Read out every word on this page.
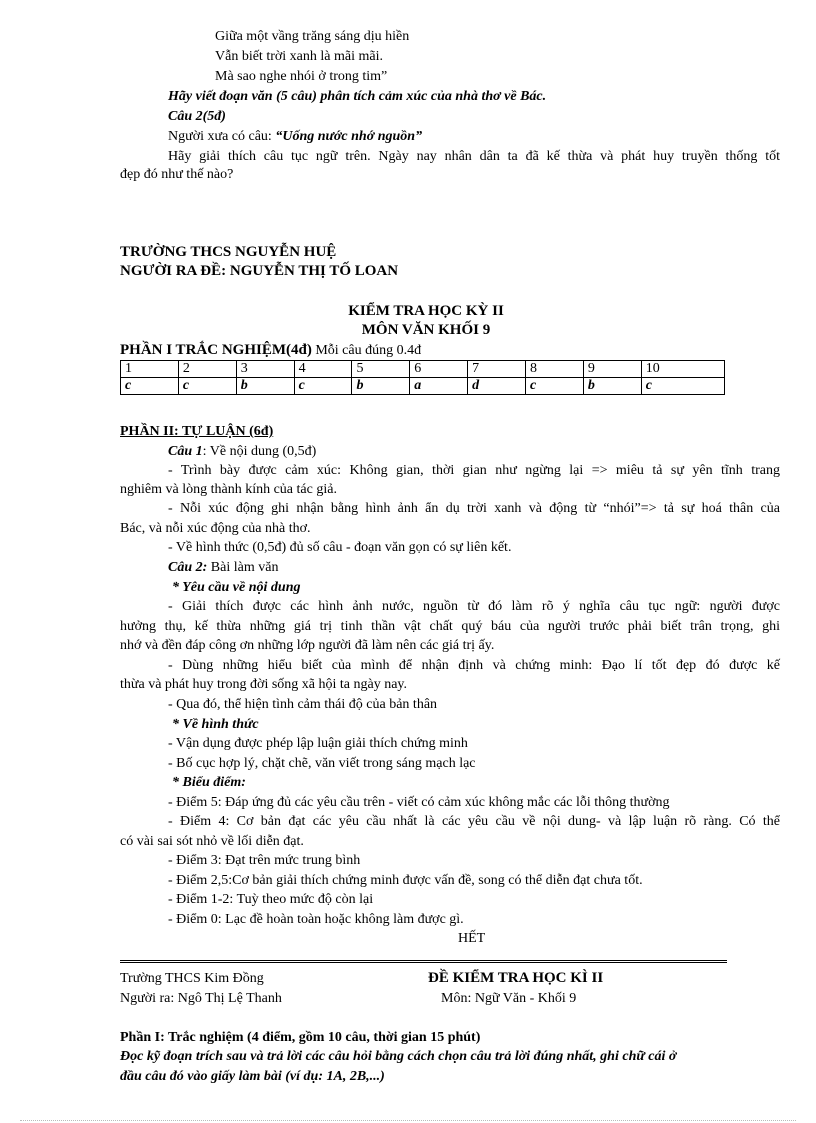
Giữa một vầng trăng sáng dịu hiền
Vẫn biết trời xanh là mãi mãi.
Mà sao nghe nhói ở trong tim”
Hãy viết đoạn văn (5 câu) phân tích cảm xúc của nhà thơ về Bác.
Câu 2(5đ)
Người xưa có câu: “Uống nước nhớ nguồn”
Hãy giải thích câu tục ngữ trên. Ngày nay nhân dân ta đã kế thừa và phát huy truyền thống tốt
đẹp đó như thế nào?
TRƯỜNG THCS NGUYỄN HUỆ
NGƯỜI RA ĐỀ: NGUYỄN THỊ TỐ LOAN
KIỂM TRA HỌC KỲ II
MÔN VĂN KHỐI 9
PHẦN I TRẮC NGHIỆM(4đ) Mỗi câu đúng 0.4đ
1	2	3	4	5	6	7	8	9	10
c	c	b	c	b	a	d	c	b	c
PHẦN II: TỰ LUẬN (6đ)
Câu 1: Về nội dung (0,5đ)
- Trình bày được cảm xúc: Không gian, thời gian như ngừng lại => miêu tả sự yên tĩnh trang
nghiêm và lòng thành kính của tác giả.
- Nỗi xúc động ghi nhận bằng hình ảnh ẩn dụ trời xanh và động từ “nhói”=> tả sự hoá thân của
Bác, và nỗi xúc động của nhà thơ.
- Về hình thức (0,5đ) đủ số câu - đoạn văn gọn có sự liên kết.
Câu 2: Bài làm văn
* Yêu cầu về nội dung
- Giải thích được các hình ảnh nước, nguồn từ đó làm rõ ý nghĩa câu tục ngữ: người được
hưởng thụ, kế thừa những giá trị tinh thần vật chất quý báu của người trước phải biết trân trọng, ghi
nhớ và đền đáp công ơn những lớp người đã làm nên các giá trị ấy.
- Dùng những hiểu biết của mình để nhận định và chứng minh: Đạo lí tốt đẹp đó được kế
thừa và phát huy trong đời sống xã hội ta ngày nay.
- Qua đó, thể hiện tình cảm thái độ của bản thân
* Về hình thức
- Vận dụng được phép lập luận giải thích chứng minh
- Bố cục hợp lý, chặt chẽ, văn viết trong sáng mạch lạc
* Biểu điểm:
- Điểm 5: Đáp ứng đủ các yêu cầu trên - viết có cảm xúc không mắc các lỗi thông thường
- Điểm 4: Cơ bản đạt các yêu cầu nhất là các yêu cầu về nội dung- và lập luận rõ ràng. Có thể
có vài sai sót nhỏ về lối diễn đạt.
- Điểm 3: Đạt trên mức trung bình
- Điểm 2,5:Cơ bản giải thích chứng minh được vấn đề, song có thể diễn đạt chưa tốt.
- Điểm 1-2: Tuỳ theo mức độ còn lại
- Điểm 0: Lạc đề hoàn toàn hoặc không làm được gì.
HẾT
Trường THCS Kim Đồng	ĐỀ KIỂM TRA HỌC KÌ II
Người ra: Ngô Thị Lệ Thanh	Môn: Ngữ Văn - Khối 9
Phần I: Trắc nghiệm (4 điểm, gồm 10 câu, thời gian 15 phút)
Đọc kỹ đoạn trích sau và trả lời các câu hỏi bằng cách chọn câu trả lời đúng nhất, ghi chữ cái ở
đầu câu đó vào giấy làm bài (ví dụ: 1A, 2B,...)
